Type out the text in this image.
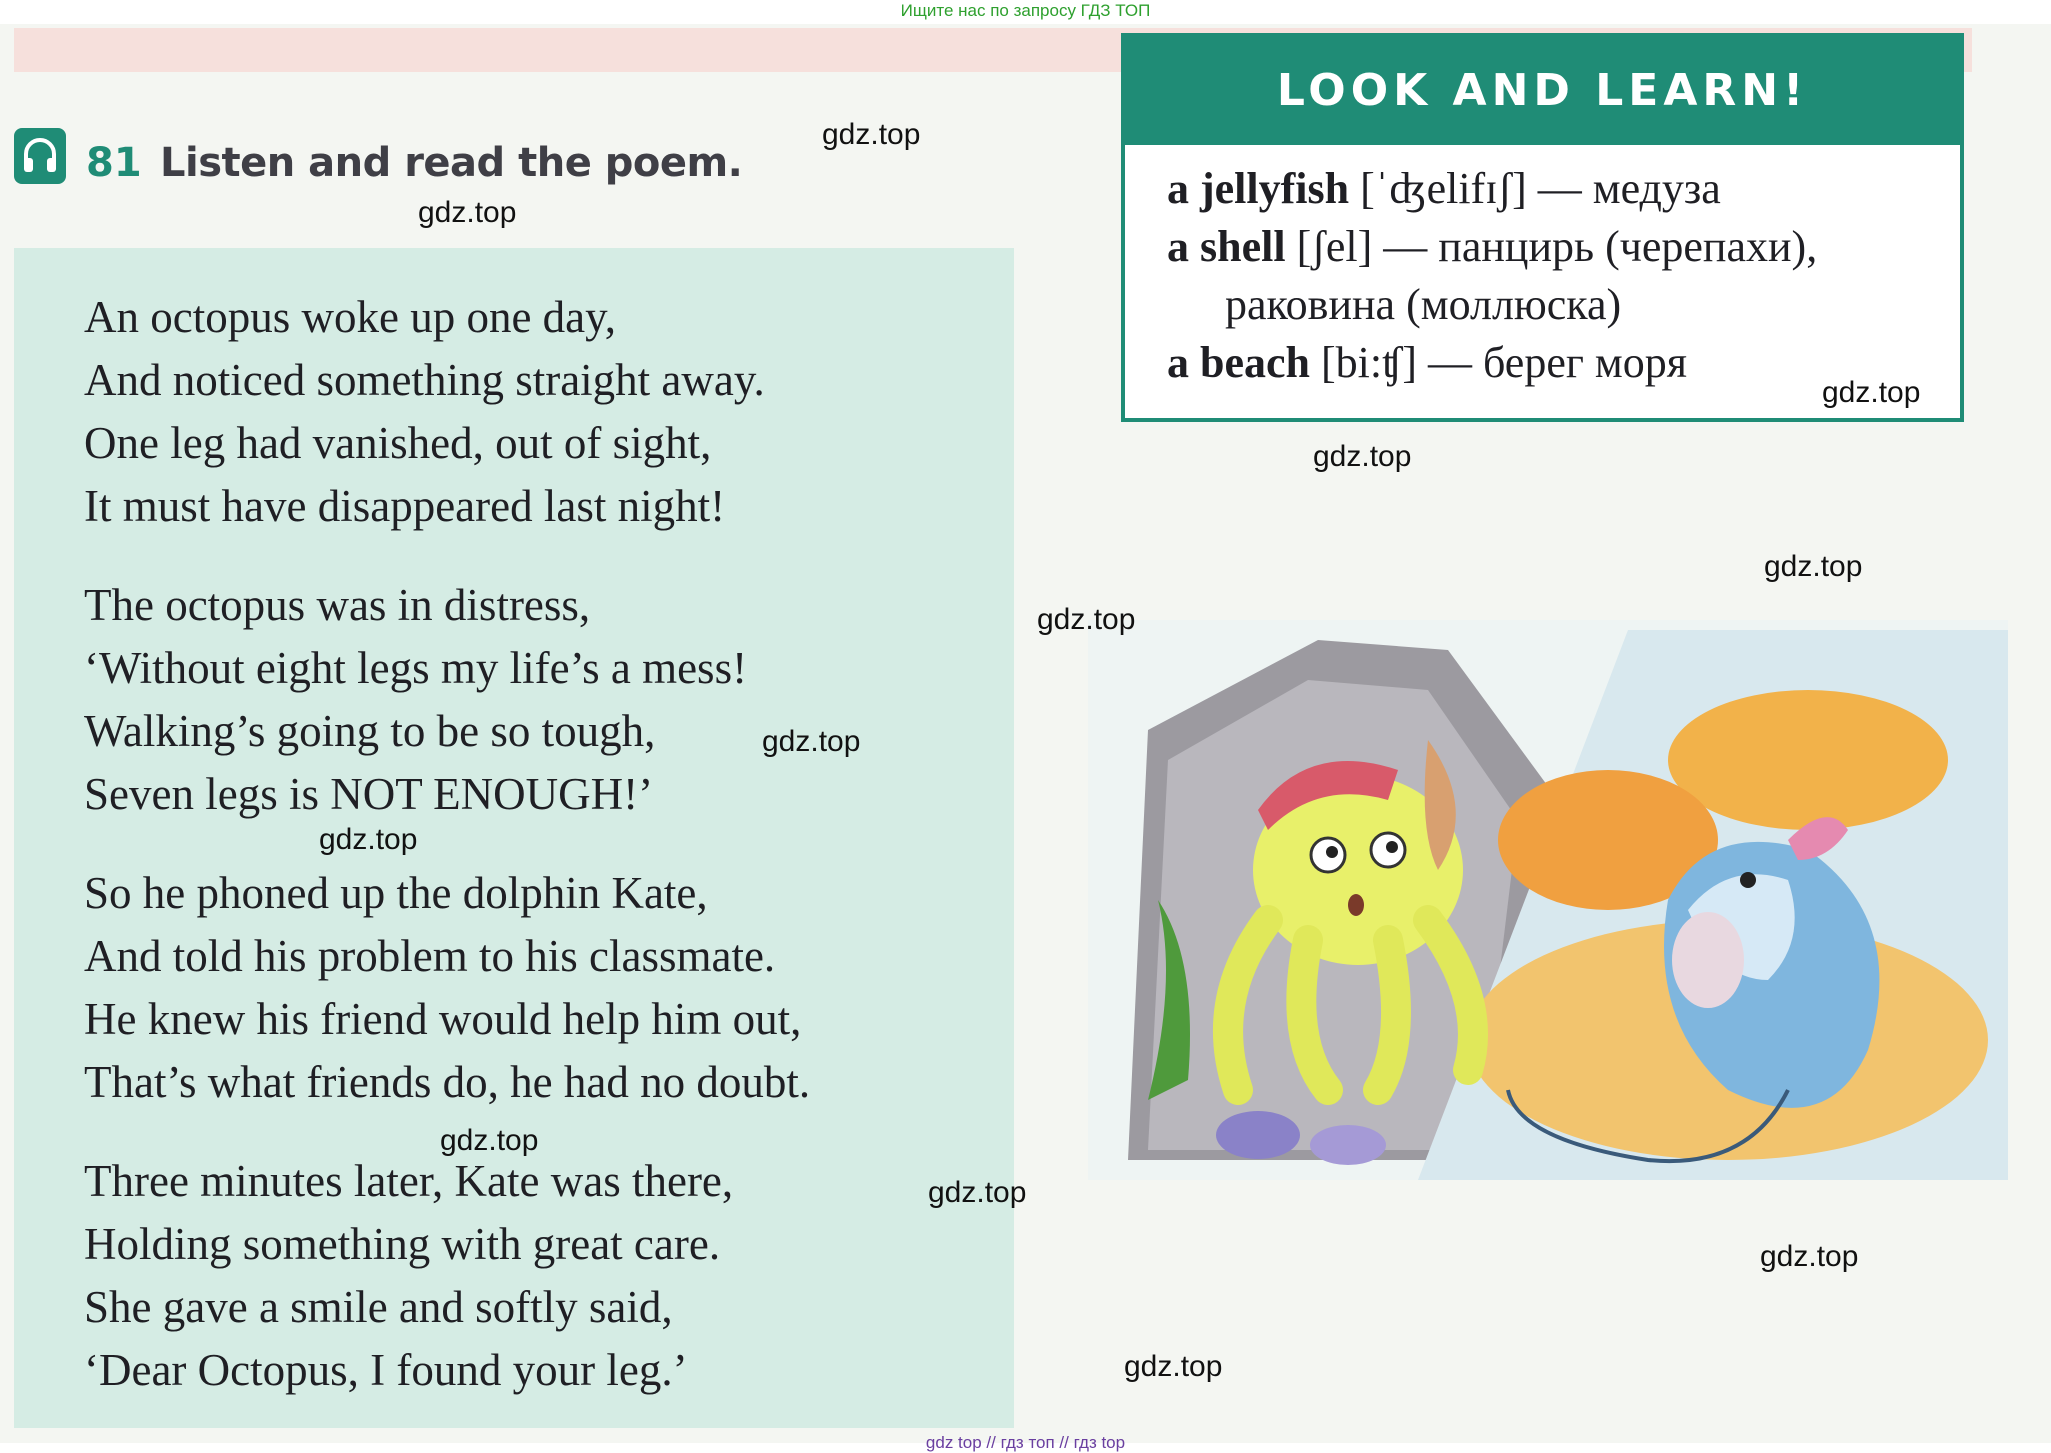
Ищите нас по запросу ГДЗ ТОП
81 Listen and read the poem.
An octopus woke up one day,
And noticed something straight away.
One leg had vanished, out of sight,
It must have disappeared last night!
The octopus was in distress,
‘Without eight legs my life’s a mess!
Walking’s going to be so tough,
Seven legs is NOT ENOUGH!’
So he phoned up the dolphin Kate,
And told his problem to his classmate.
He knew his friend would help him out,
That’s what friends do, he had no doubt.
Three minutes later, Kate was there,
Holding something with great care.
She gave a smile and softly said,
‘Dear Octopus, I found your leg.’
LOOK AND LEARN!
a jellyfish [ˈʤelifɪʃ] — медуза
a shell [ʃel] — панцирь (черепахи),
раковина (моллюска)
a beach [bi:ʧ] — берег моря
gdz.top
gdz.top
gdz.top
gdz.top
gdz.top
gdz.top
gdz.top
gdz.top
gdz.top
gdz.top
gdz.top
gdz.top
gdz top // гдз топ // гдз top
